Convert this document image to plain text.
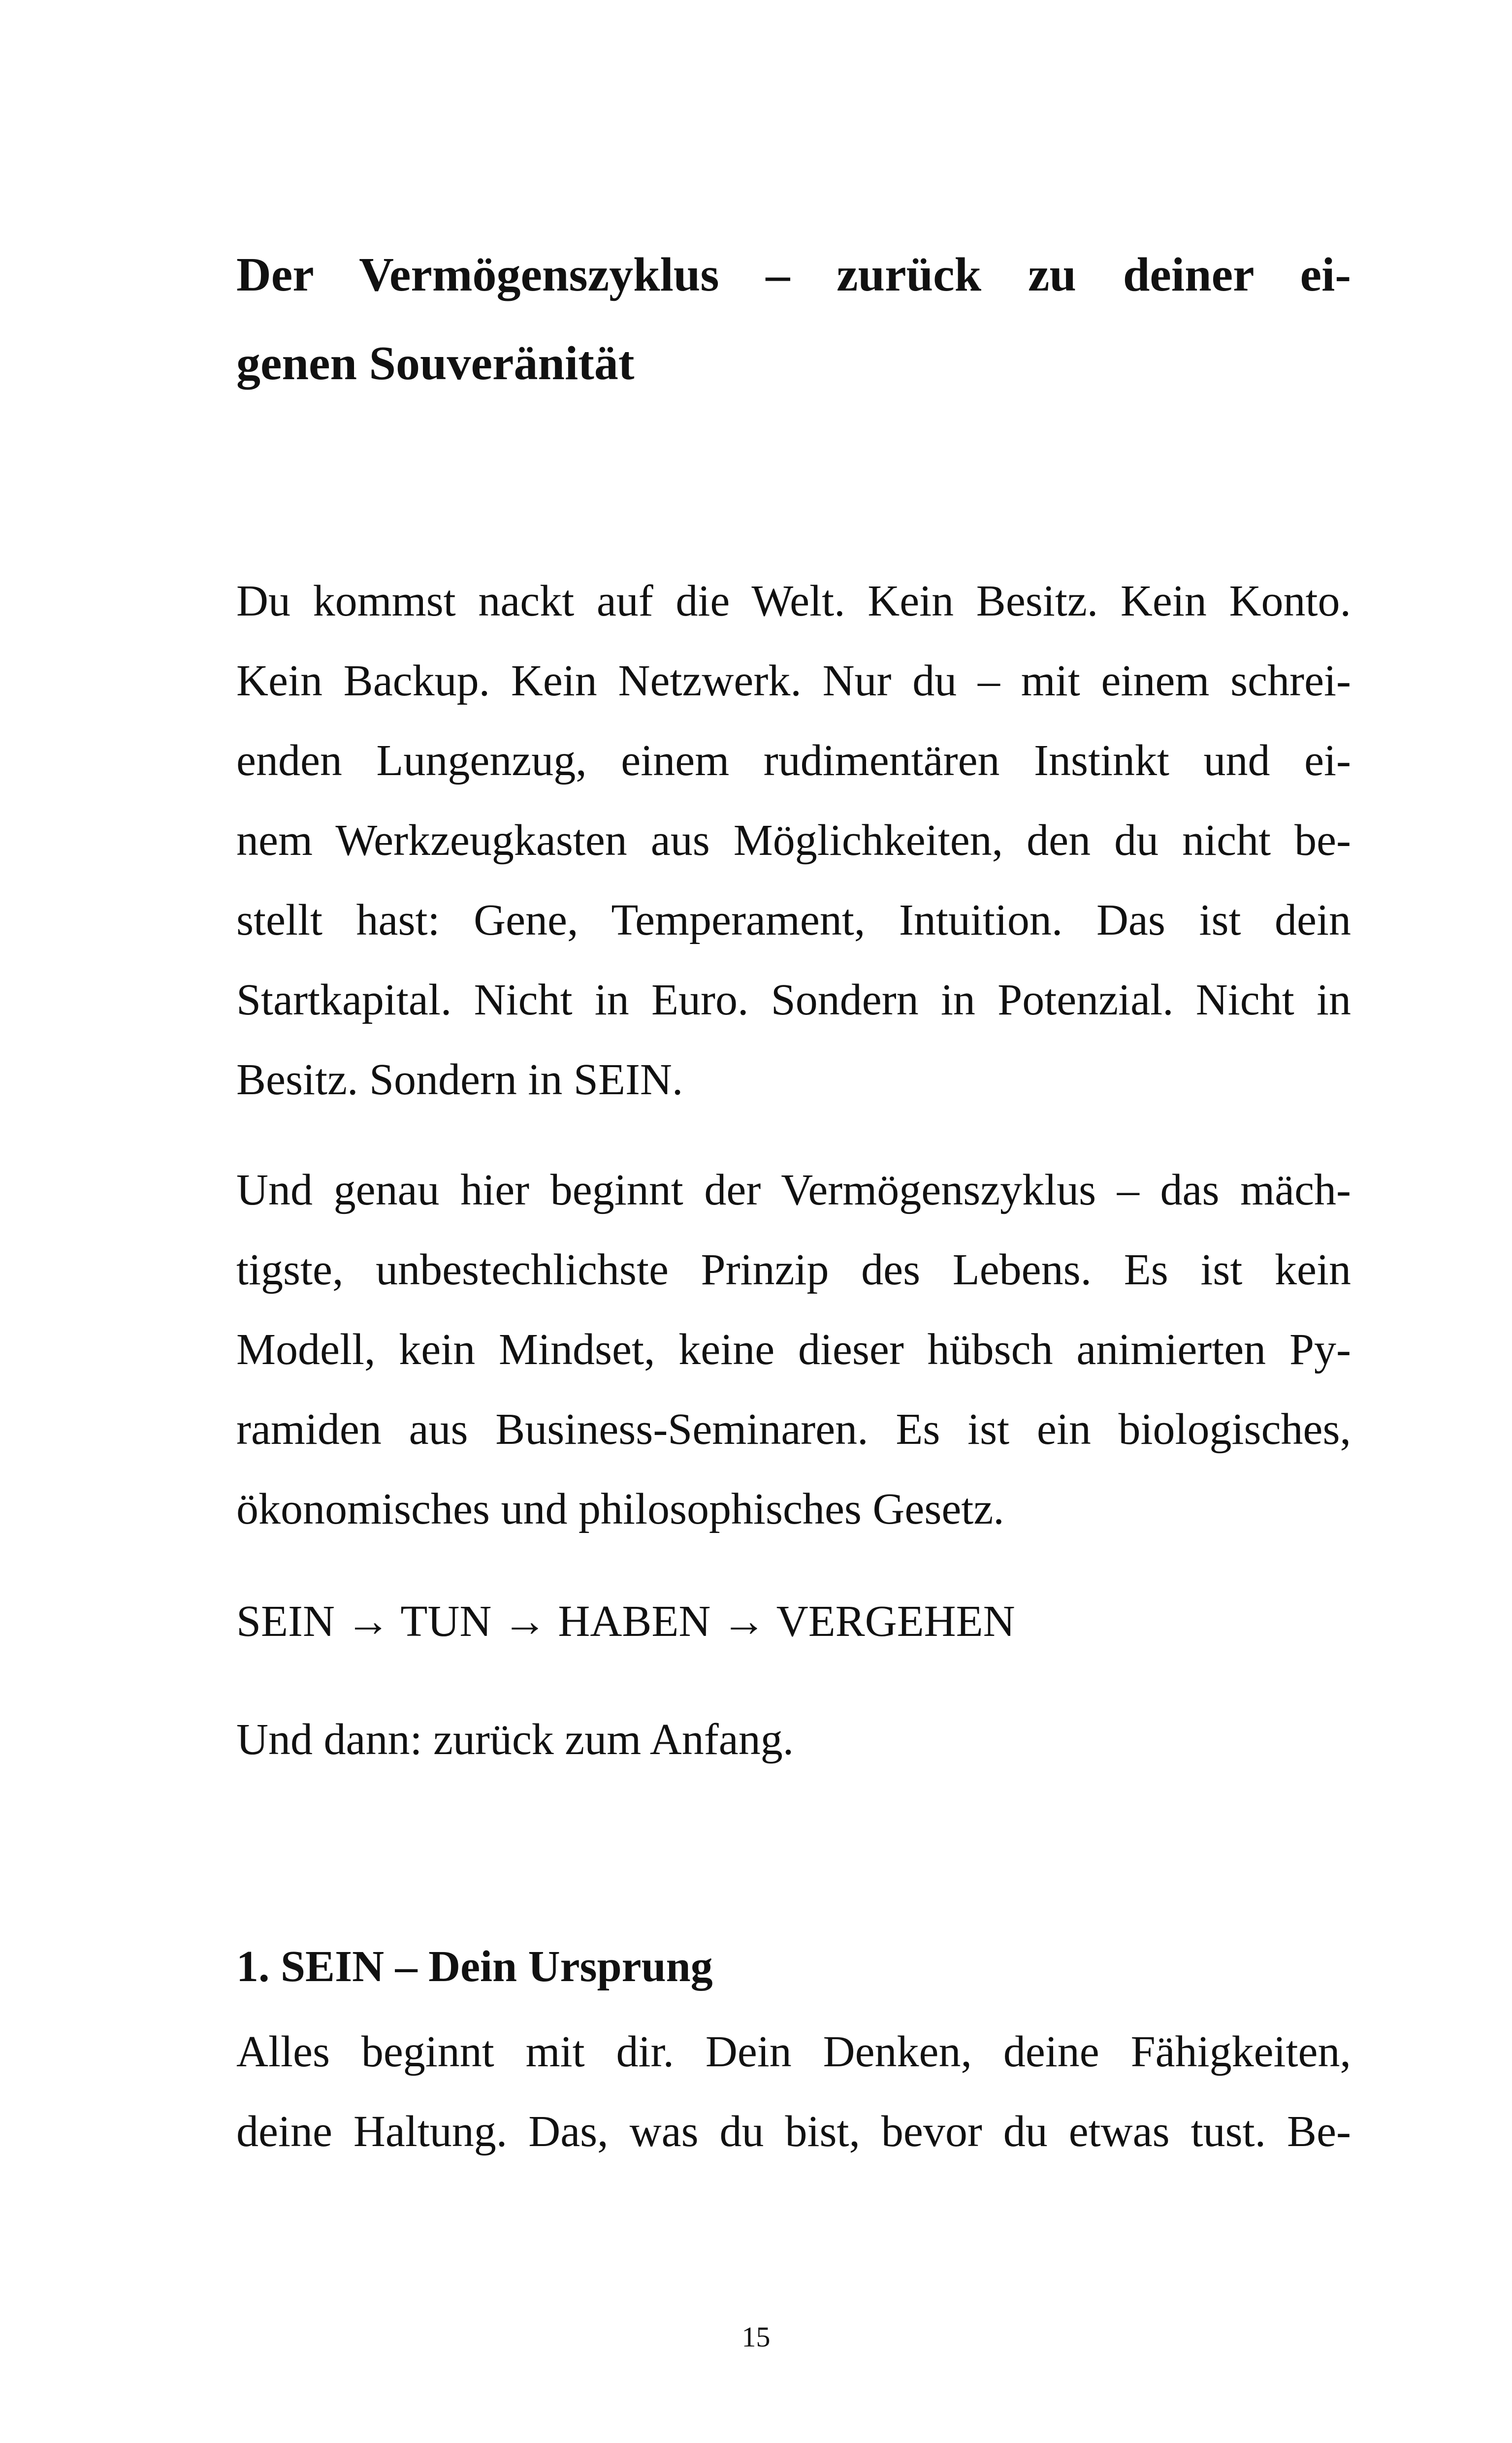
Der Vermögenszyklus – zurück zu deiner ei-
genen Souveränität

Du kommst nackt auf die Welt. Kein Besitz. Kein Konto.
Kein Backup. Kein Netzwerk. Nur du – mit einem schrei-
enden Lungenzug, einem rudimentären Instinkt und ei-
nem Werkzeugkasten aus Möglichkeiten, den du nicht be-
stellt hast: Gene, Temperament, Intuition. Das ist dein
Startkapital. Nicht in Euro. Sondern in Potenzial. Nicht in
Besitz. Sondern in SEIN.

Und genau hier beginnt der Vermögenszyklus – das mäch-
tigste, unbestechlichste Prinzip des Lebens. Es ist kein
Modell, kein Mindset, keine dieser hübsch animierten Py-
ramiden aus Business-Seminaren. Es ist ein biologisches,
ökonomisches und philosophisches Gesetz.

SEIN → TUN → HABEN → VERGEHEN

Und dann: zurück zum Anfang.

1. SEIN – Dein Ursprung

Alles beginnt mit dir. Dein Denken, deine Fähigkeiten,
deine Haltung. Das, was du bist, bevor du etwas tust. Be-

15
